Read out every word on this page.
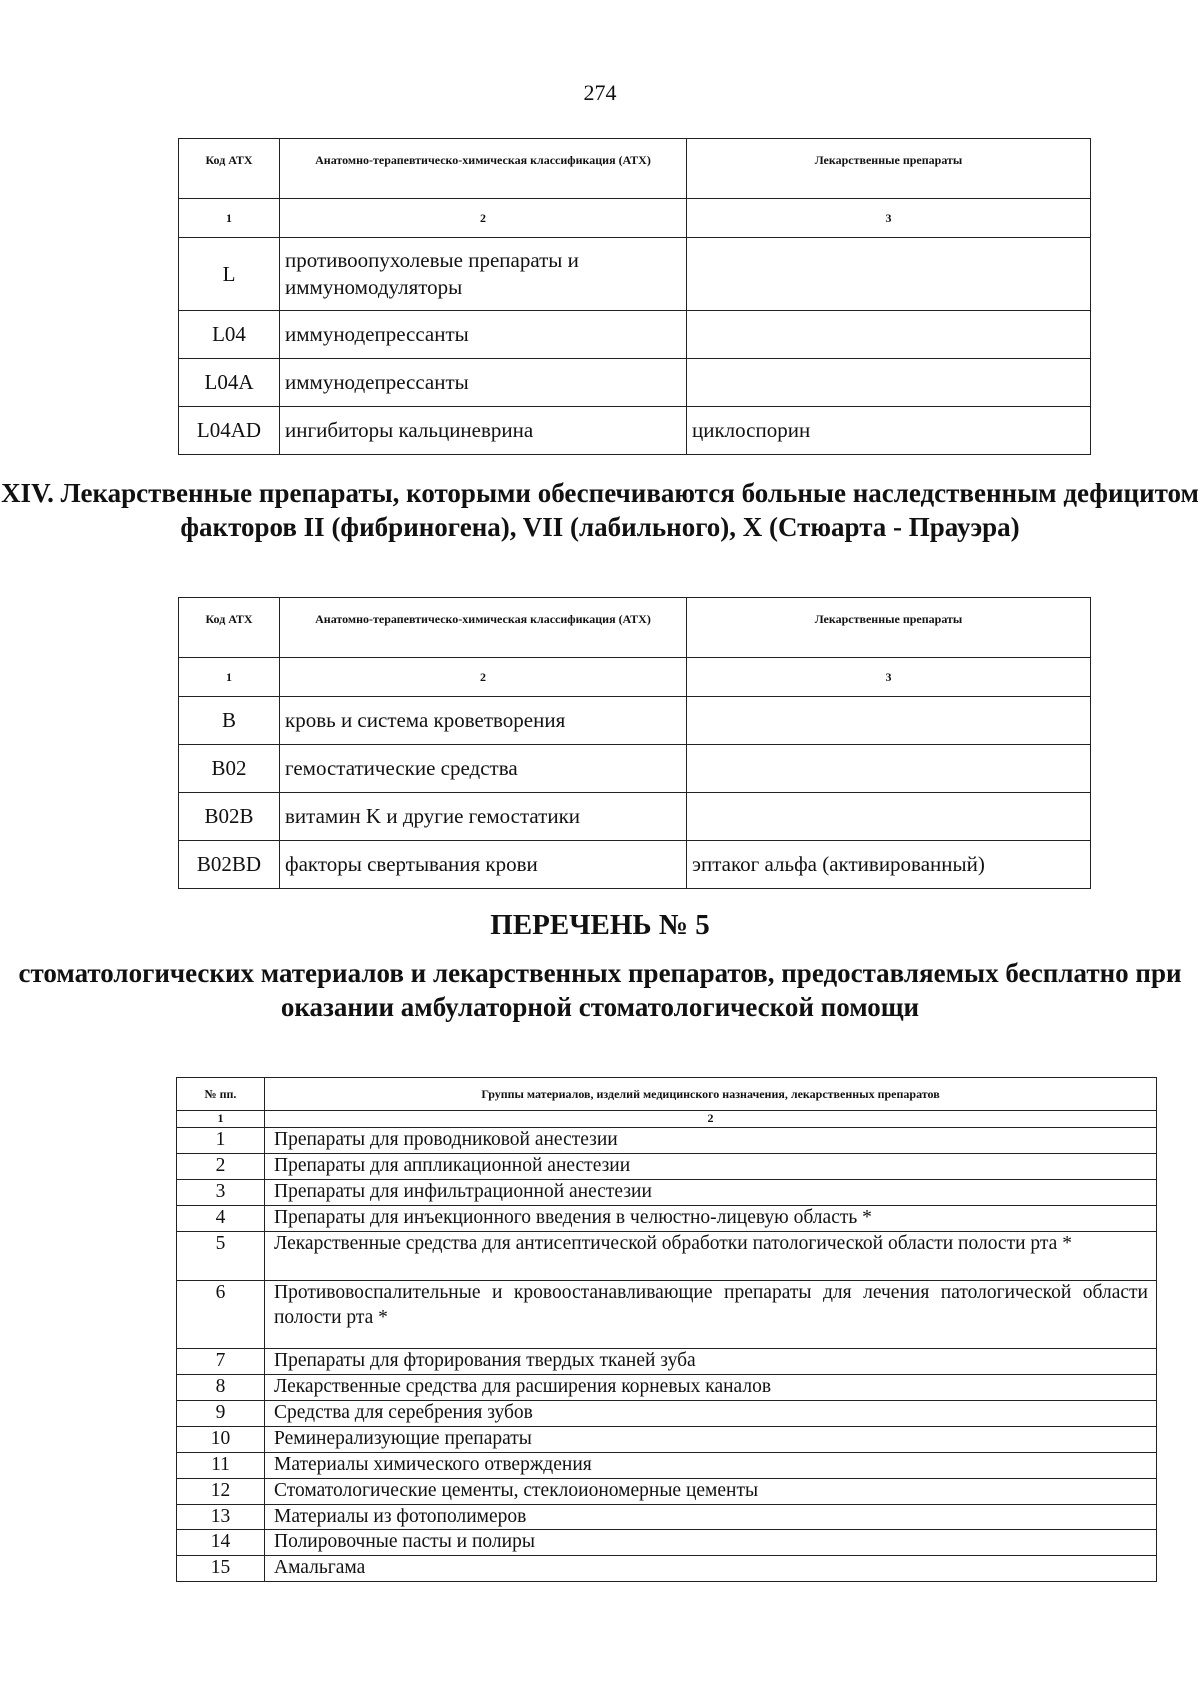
274
Код АТХ	Анатомно-терапевтическо-химическая классификация (АТХ)	Лекарственные препараты
1	2	3
L	противоопухолевые препараты и иммуномодуляторы	
L04	иммунодепрессанты	
L04A	иммунодепрессанты	
L04AD	ингибиторы кальциневрина	циклоспорин
XIV. Лекарственные препараты, которыми обеспечиваются больные наследственным дефицитом факторов II (фибриногена), VII (лабильного), X (Стюарта - Прауэра)
Код АТХ	Анатомно-терапевтическо-химическая классификация (АТХ)	Лекарственные препараты
1	2	3
B	кровь и система кроветворения	
B02	гемостатические средства	
B02B	витамин K и другие гемостатики	
B02BD	факторы свертывания крови	эптаког альфа (активированный)
ПЕРЕЧЕНЬ № 5
стоматологических материалов и лекарственных препаратов, предоставляемых бесплатно при оказании амбулаторной стоматологической помощи
№ пп.	Группы материалов, изделий медицинского назначения, лекарственных препаратов
1	2
1	Препараты для проводниковой анестезии
2	Препараты для аппликационной анестезии
3	Препараты для инфильтрационной анестезии
4	Препараты для инъекционного введения в челюстно-лицевую область *
5	Лекарственные средства для антисептической обработки патологической области полости рта *
6	Противовоспалительные и кровоостанавливающие препараты для лечения патологической области полости рта *
7	Препараты для фторирования твердых тканей зуба
8	Лекарственные средства для расширения корневых каналов
9	Средства для серебрения зубов
10	Реминерализующие препараты
11	Материалы химического отверждения
12	Стоматологические цементы, стеклоиономерные цементы
13	Материалы из фотополимеров
14	Полировочные пасты и полиры
15	Амальгама
